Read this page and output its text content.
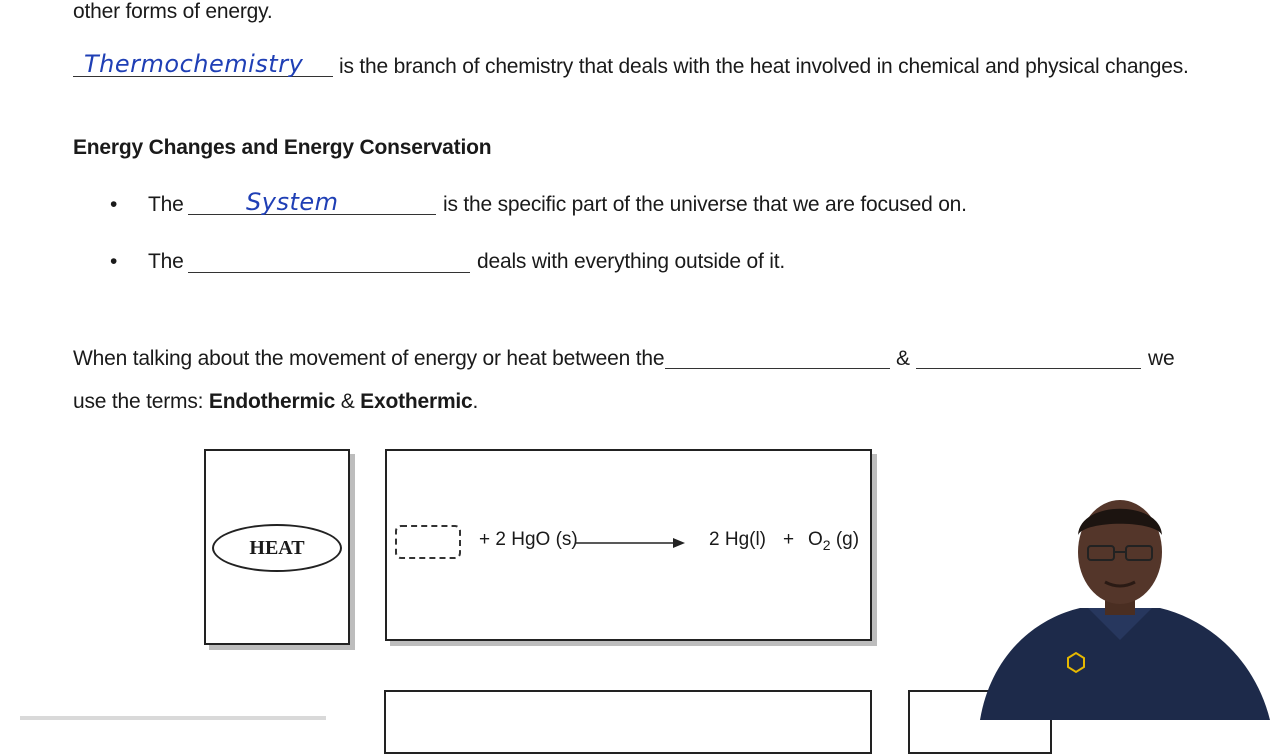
other forms of energy.
Thermochemistry is the branch of chemistry that deals with the heat involved in chemical and physical changes.
Energy Changes and Energy Conservation
• The	System	is the specific part of the universe that we are focused on.
• The	deals with everything outside of it.
When talking about the movement of energy or heat between the	&	we
use the terms: Endothermic & Exothermic.
HEAT	+ 2 HgO (s)	2 $Hg(l) + O_2$ (g)
